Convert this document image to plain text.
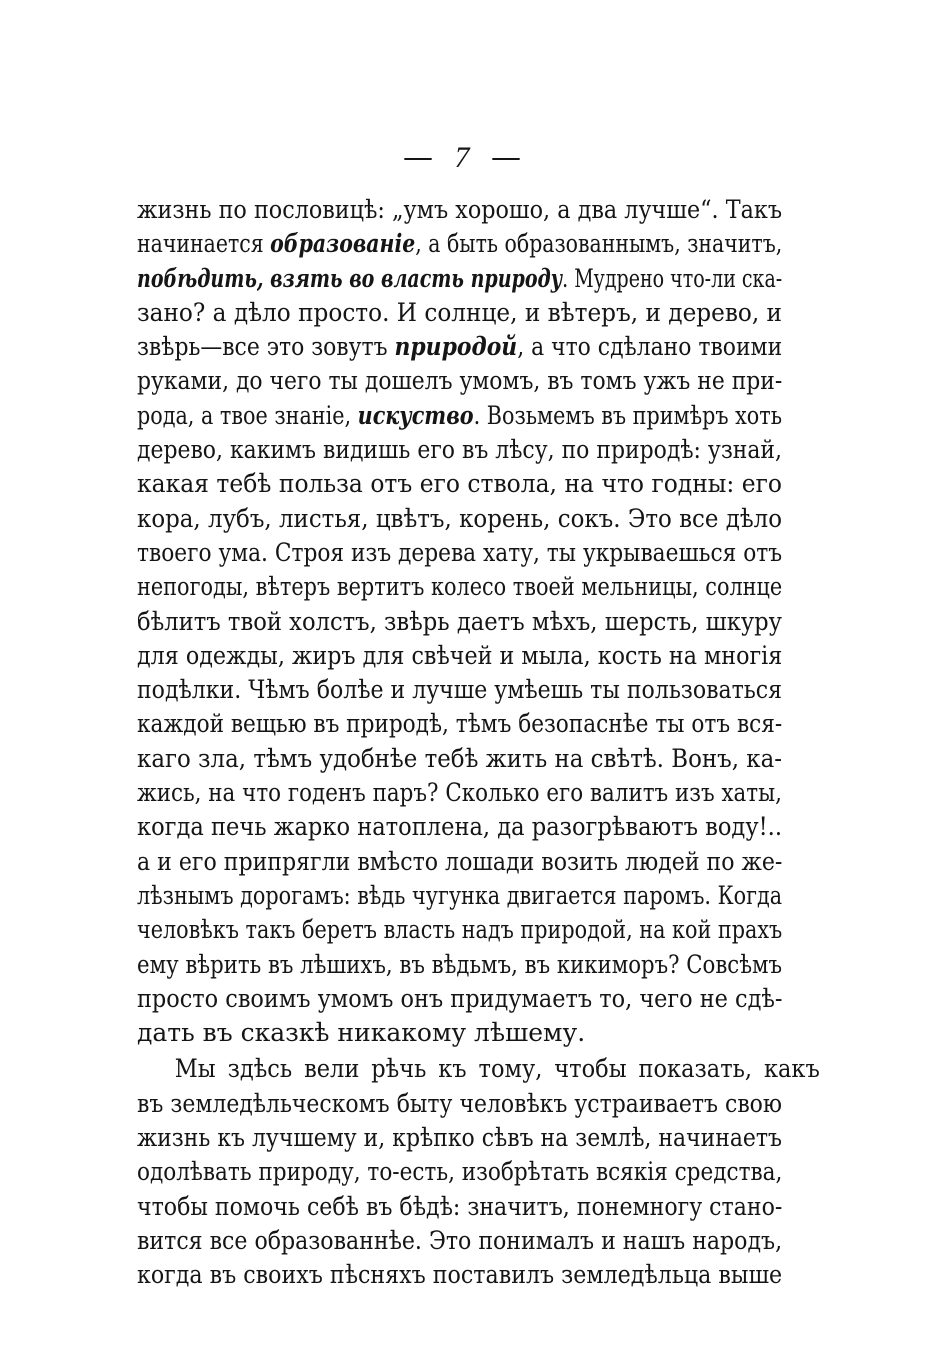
— 7 —
жизнь по пословицѣ: „умъ хорошо, а два лучше“. Такъ
начинается образованіе, а быть образованнымъ, значитъ,
побѣдить, взять во власть природу. Мудрено что-ли ска-
зано? а дѣло просто. И солнце, и вѣтеръ, и дерево, и
звѣрь—все это зовутъ природой, а что сдѣлано твоими
руками, до чего ты дошелъ умомъ, въ томъ ужъ не при-
рода, а твое знаніе, искуство. Возьмемъ въ примѣръ хоть
дерево, какимъ видишь его въ лѣсу, по природѣ: узнай,
какая тебѣ польза отъ его ствола, на что годны: его
кора, лубъ, листья, цвѣтъ, корень, сокъ. Это все дѣло
твоего ума. Строя изъ дерева хату, ты укрываешься отъ
непогоды, вѣтеръ вертитъ колесо твоей мельницы, солнце
бѣлитъ твой холстъ, звѣрь даетъ мѣхъ, шерсть, шкуру
для одежды, жиръ для свѣчей и мыла, кость на многія
подѣлки. Чѣмъ болѣе и лучше умѣешь ты пользоваться
каждой вещью въ природѣ, тѣмъ безопаснѣе ты отъ вся-
каго зла, тѣмъ удобнѣе тебѣ жить на свѣтѣ. Вонъ, ка-
жись, на что годенъ паръ? Сколько его валитъ изъ хаты,
когда печь жарко натоплена, да разогрѣваютъ воду!..
а и его припрягли вмѣсто лошади возить людей по же-
лѣзнымъ дорогамъ: вѣдь чугунка двигается паромъ. Когда
человѣкъ такъ беретъ власть надъ природой, на кой прахъ
ему вѣрить въ лѣшихъ, въ вѣдьмъ, въ кикиморъ? Совсѣмъ
просто своимъ умомъ онъ придумаетъ то, чего не сдѣ-
дать въ сказкѣ никакому лѣшему.
Мы здѣсь вели рѣчь къ тому, чтобы показать, какъ
въ земледѣльческомъ быту человѣкъ устраиваетъ свою
жизнь къ лучшему и, крѣпко сѣвъ на землѣ, начинаетъ
одолѣвать природу, то-есть, изобрѣтать всякія средства,
чтобы помочь себѣ въ бѣдѣ: значитъ, понемногу стано-
вится все образованнѣе. Это понималъ и нашъ народъ,
когда въ своихъ пѣсняхъ поставилъ земледѣльца выше
